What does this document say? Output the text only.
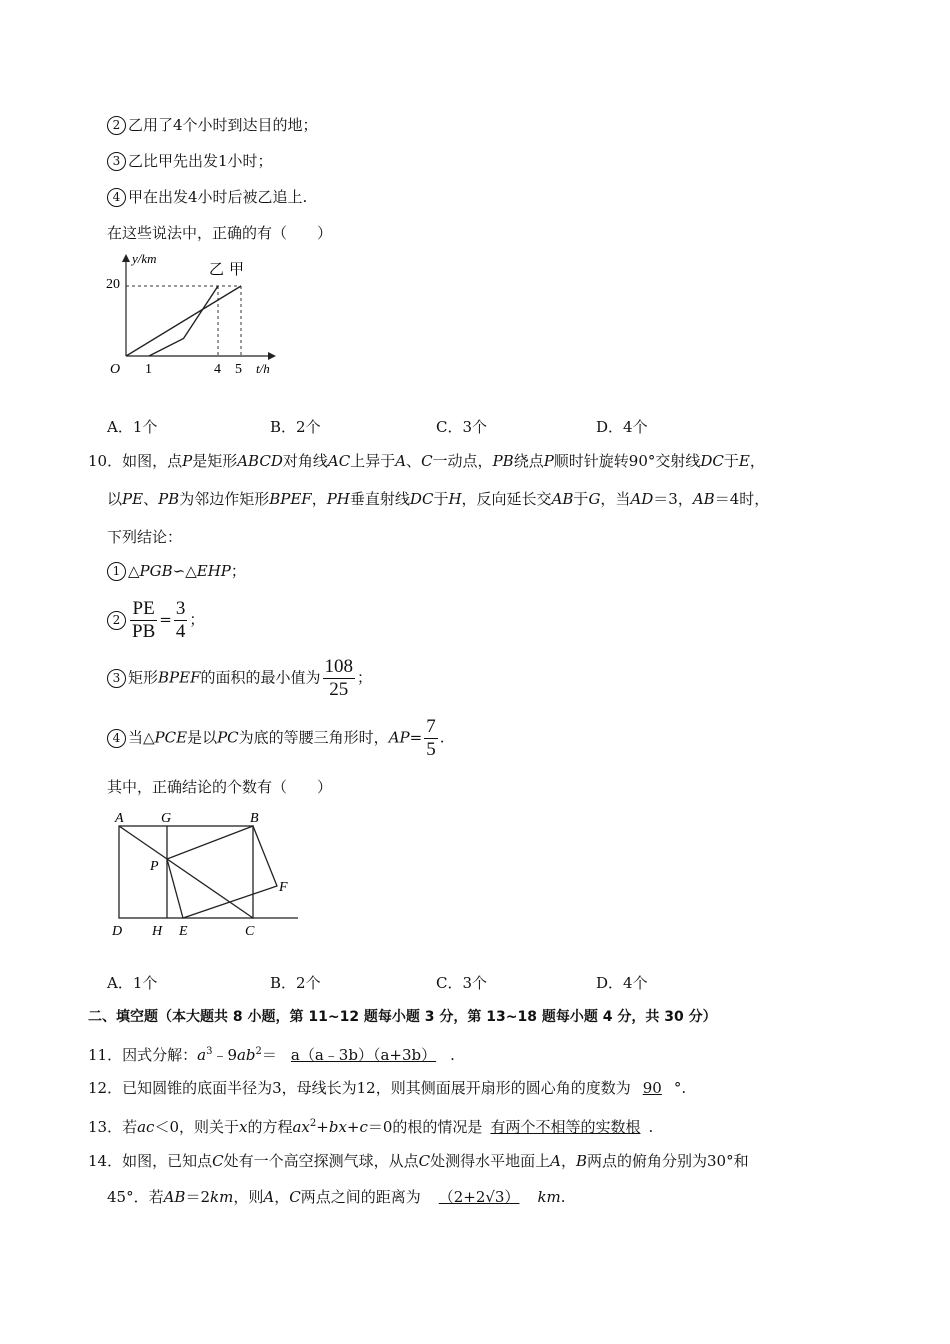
2 乙用了4个小时到达目的地；
3 乙比甲先出发1小时；
4 甲在出发4小时后被乙追上.
在这些说法中，正确的有（　　）
y/km
t/h
O
20
1	4 5
乙 甲
A．1个	B．2个	C．3个	D．4个
10．如图，点P是矩形ABCD对角线AC上异于A、C一动点，PB绕点P顺时针旋转90°交射线DC于E，
以PE、PB为邻边作矩形BPEF，PH垂直射线DC于H，反向延长交AB于G，当AD＝3，AB＝4时，
下列结论：
1 △PGB∽△EHP；
$2 \frac{PE}{PB} = \frac{3}{4}$ ；
3 矩形BPEF的面积的最小值为 $\frac{108}{25}$ ；
4 当△PCE是以PC为底的等腰三角形时，$AP= \frac{7}{5}$ .
其中，正确结论的个数有（　　）
A	G	B
P
F
D H E	C
A．1个	B．2个	C．3个	D．4个
二、填空题（本大题共 8 小题，第 11~12 题每小题 3 分，第 13~18 题每小题 4 分，共 30 分）
11．因式分解：$a^3﹣9ab^2=$ a（a﹣3b）（a+3b） .
12．已知圆锥的底面半径为3，母线长为12，则其侧面展开扇形的圆心角的度数为 90 °.
13．若ac＜0，则关于x的方程$ax^2+bx+c=0$的根的情况是 有两个不相等的实数根 .
14．如图，已知点C处有一个高空探测气球，从点C处测得水平地面上A，B两点的俯角分别为30°和
45°．若AB＝2km，则A，C两点之间的距离为 （2+2√3） km.
